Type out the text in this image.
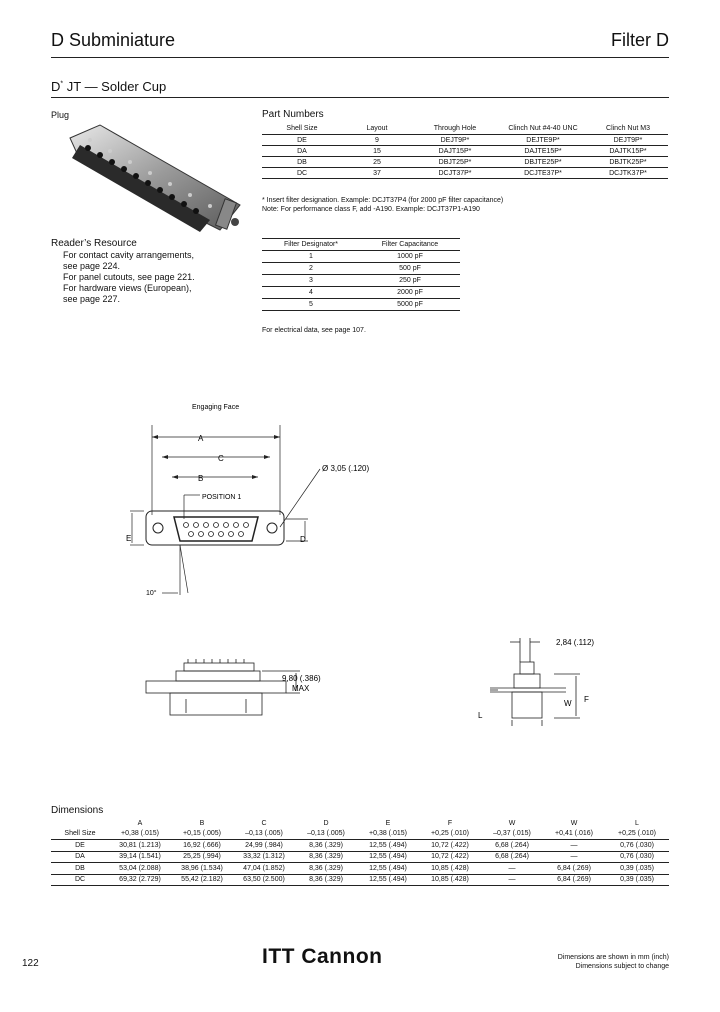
D Subminiature	Filter D
D* JT — Solder Cup
Plug
Reader’s Resource

For contact cavity arrangements,

see page 224.

For panel cutouts, see page 221.

For hardware views (European),

see page 227.

Part Numbers
Shell Size	Layout	Through Hole	Clinch Nut #4-40 UNC	Clinch Nut M3
DE	9	DEJT9P*	DEJTE9P*	DEJT9P*
DA	15	DAJT15P*	DAJTE15P*	DAJTK15P*
DB	25	DBJT25P*	DBJTE25P*	DBJTK25P*
DC	37	DCJT37P*	DCJTE37P*	DCJTK37P*
* Insert filter designation. Example: DCJT37P4 (for 2000 pF filter capacitance)
Note: For performance class F, add -A190. Example: DCJT37P1-A190
Filter Designator*	Filter Capacitance
1	1000 pF
2	500 pF
3	250 pF
4	2000 pF
5	5000 pF
For electrical data, see page 107.
Engaging Face
A
C
B
Ø 3,05 (.120)
POSITION 1
E	D
10°
9,80 (.386)
MAX
2,84 (.112)
W F
L
Dimensions
	A	B	C	D	E	F	W	W	L
Shell Size	+0,38 (.015)	+0,15 (.005)	–0,13 (.005)	–0,13 (.005)	+0,38 (.015)	+0,25 (.010)	–0,37 (.015)	+0,41 (.016)	+0,25 (.010)
DE	30,81 (1.213)	16,92 (.666)	24,99 (.984)	8,36 (.329)	12,55 (.494)	10,72 (.422)	6,68 (.264)	—	0,76 (.030)
DA	39,14 (1.541)	25,25 (.994)	33,32 (1.312)	8,36 (.329)	12,55 (.494)	10,72 (.422)	6,68 (.264)	—	0,76 (.030)
DB	53,04 (2.088)	38,96 (1.534)	47,04 (1.852)	8,36 (.329)	12,55 (.494)	10,85 (.428)	—	6,84 (.269)	0,39 (.035)
DC	69,32 (2.729)	55,42 (2.182)	63,50 (2.500)	8,36 (.329)	12,55 (.494)	10,85 (.428)	—	6,84 (.269)	0,39 (.035)
122	ITT Cannon	Dimensions are shown in mm (inch)
Dimensions subject to change
